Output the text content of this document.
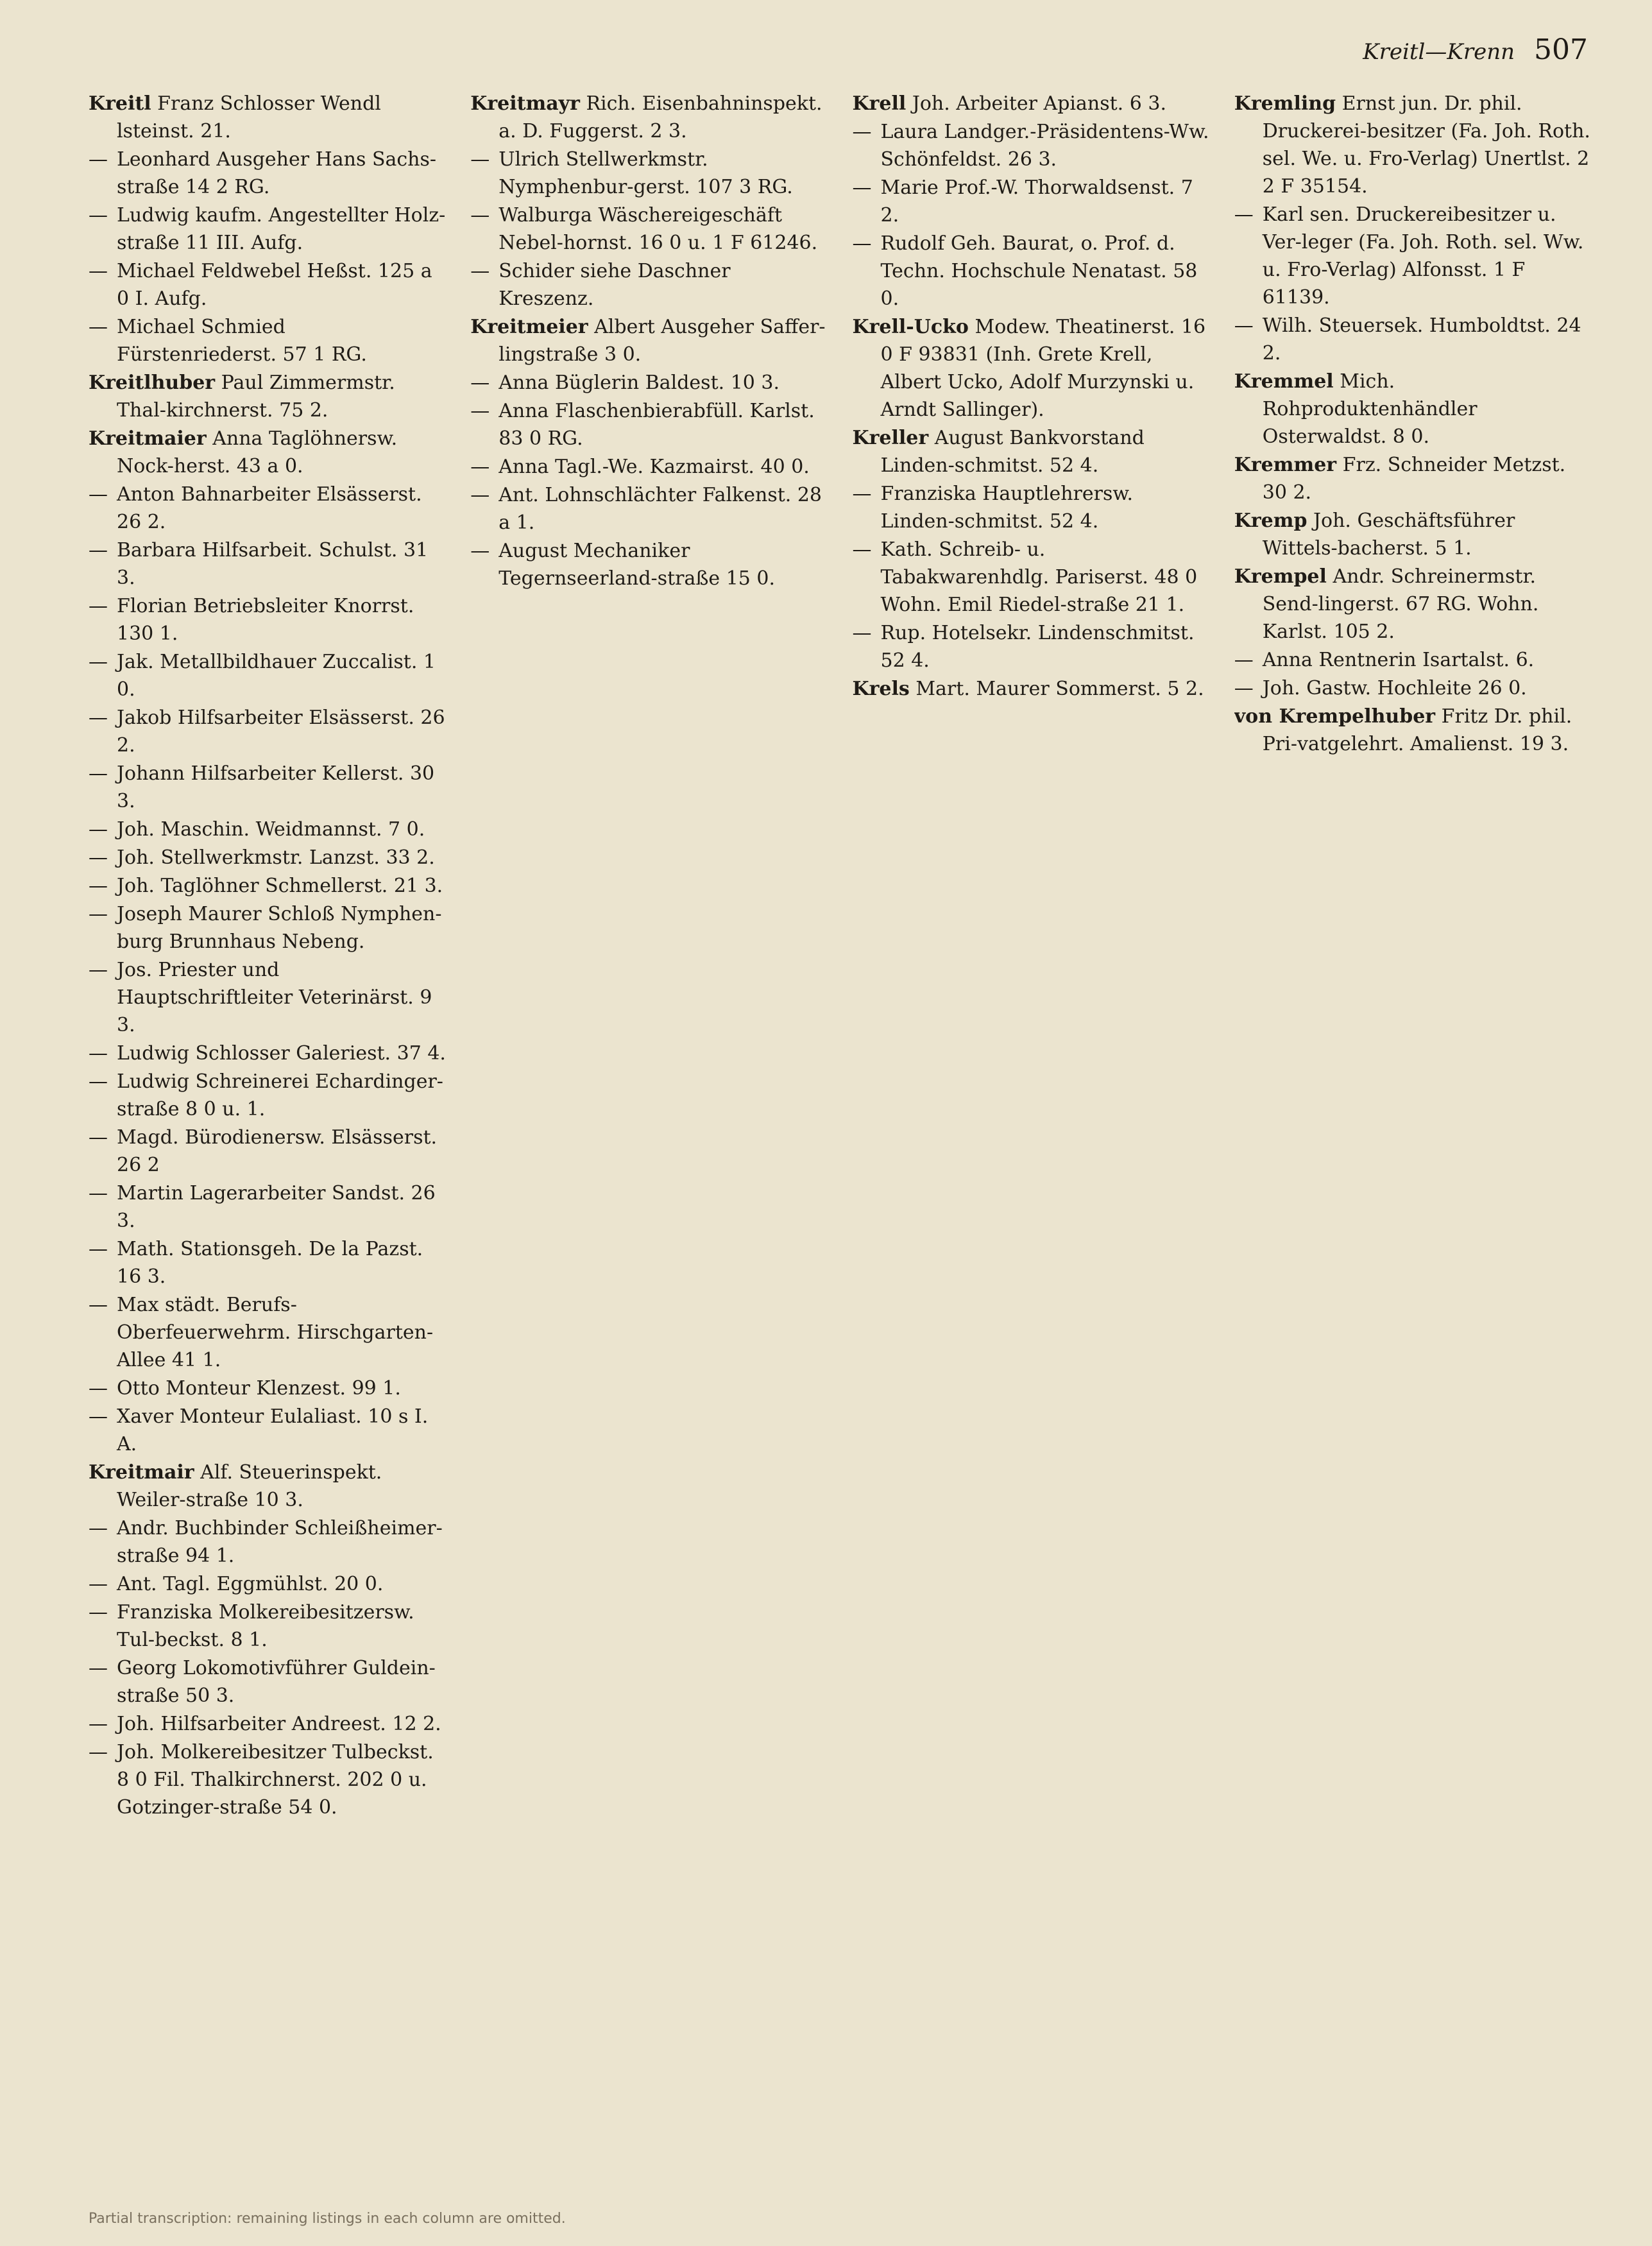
Kreitl—Krenn 507

Kreitl Franz Schlosser Wendl lsteinst. 21.

— Leonhard Ausgeher Hans Sachs-straße 14 2 RG.

— Ludwig kaufm. Angestellter Holz-straße 11 III. Aufg.

— Michael Feldwebel Heßst. 125 a 0 I. Aufg.

— Michael Schmied Fürstenriederst. 57 1 RG.

Kreitlhuber Paul Zimmermstr. Thal-kirchnerst. 75 2.

Kreitmaier Anna Taglöhnersw. Nock-herst. 43 a 0.

— Anton Bahnarbeiter Elsässerst. 26 2.

— Barbara Hilfsarbeit. Schulst. 31 3.

— Florian Betriebsleiter Knorrst. 130 1.

— Jak. Metallbildhauer Zuccalist. 1 0.

— Jakob Hilfsarbeiter Elsässerst. 26 2.

— Johann Hilfsarbeiter Kellerst. 30 3.

— Joh. Maschin. Weidmannst. 7 0.

— Joh. Stellwerkmstr. Lanzst. 33 2.

— Joh. Taglöhner Schmellerst. 21 3.

— Joseph Maurer Schloß Nymphen-burg Brunnhaus Nebeng.

— Jos. Priester und Hauptschriftleiter Veterinärst. 9 3.

— Ludwig Schlosser Galeriest. 37 4.

— Ludwig Schreinerei Echardinger-straße 8 0 u. 1.

— Magd. Bürodienersw. Elsässerst. 26 2

— Martin Lagerarbeiter Sandst. 26 3.

— Math. Stationsgeh. De la Pazst. 16 3.

— Max städt. Berufs-Oberfeuerwehrm. Hirschgarten-Allee 41 1.

— Otto Monteur Klenzest. 99 1.

— Xaver Monteur Eulaliast. 10 s I. A.

Kreitmair Alf. Steuerinspekt. Weiler-straße 10 3.

— Andr. Buchbinder Schleißheimer-straße 94 1.

— Ant. Tagl. Eggmühlst. 20 0.

— Franziska Molkereibesitzersw. Tul-beckst. 8 1.

— Georg Lokomotivführer Guldein-straße 50 3.

— Joh. Hilfsarbeiter Andreest. 12 2.

— Joh. Molkereibesitzer Tulbeckst. 8 0 Fil. Thalkirchnerst. 202 0 u. Gotzinger-straße 54 0.

Kreitmayr Rich. Eisenbahninspekt. a. D. Fuggerst. 2 3.

— Ulrich Stellwerkmstr. Nymphenbur-gerst. 107 3 RG.

— Walburga Wäschereigeschäft Nebel-hornst. 16 0 u. 1 F 61246.

— Schider siehe Daschner Kreszenz.

Kreitmeier Albert Ausgeher Saffer-lingstraße 3 0.

— Anna Büglerin Baldest. 10 3.

— Anna Flaschenbierabfüll. Karlst. 83 0 RG.

— Anna Tagl.-We. Kazmairst. 40 0.

— Ant. Lohnschlächter Falkenst. 28 a 1.

— August Mechaniker Tegernseerland-straße 15 0.

Krell Joh. Arbeiter Apianst. 6 3.

— Laura Landger.-Präsidentens-Ww. Schönfeldst. 26 3.

— Marie Prof.-W. Thorwaldsenst. 7 2.

— Rudolf Geh. Baurat, o. Prof. d. Techn. Hochschule Nenatast. 58 0.

Krell-Ucko Modew. Theatinerst. 16 0 F 93831 (Inh. Grete Krell, Albert Ucko, Adolf Murzynski u. Arndt Sallinger).

Kreller August Bankvorstand Linden-schmitst. 52 4.

— Franziska Hauptlehrersw. Linden-schmitst. 52 4.

— Kath. Schreib- u. Tabakwarenhdlg. Pariserst. 48 0 Wohn. Emil Riedel-straße 21 1.

— Rup. Hotelsekr. Lindenschmitst. 52 4.

Krels Mart. Maurer Sommerst. 5 2.

Kremling Ernst jun. Dr. phil. Druckerei-besitzer (Fa. Joh. Roth. sel. We. u. Fro-Verlag) Unertlst. 2 2 F 35154.

— Karl sen. Druckereibesitzer u. Ver-leger (Fa. Joh. Roth. sel. Ww. u. Fro-Verlag) Alfonsst. 1 F 61139.

— Wilh. Steuersek. Humboldtst. 24 2.

Kremmel Mich. Rohproduktenhändler Osterwaldst. 8 0.

Kremmer Frz. Schneider Metzst. 30 2.

Kremp Joh. Geschäftsführer Wittels-bacherst. 5 1.

Krempel Andr. Schreinermstr. Send-lingerst. 67 RG. Wohn. Karlst. 105 2.

— Anna Rentnerin Isartalst. 6.

— Joh. Gastw. Hochleite 26 0.

von Krempelhuber Fritz Dr. phil. Pri-vatgelehrt. Amalienst. 19 3.

Partial transcription: remaining listings in each column are omitted.
